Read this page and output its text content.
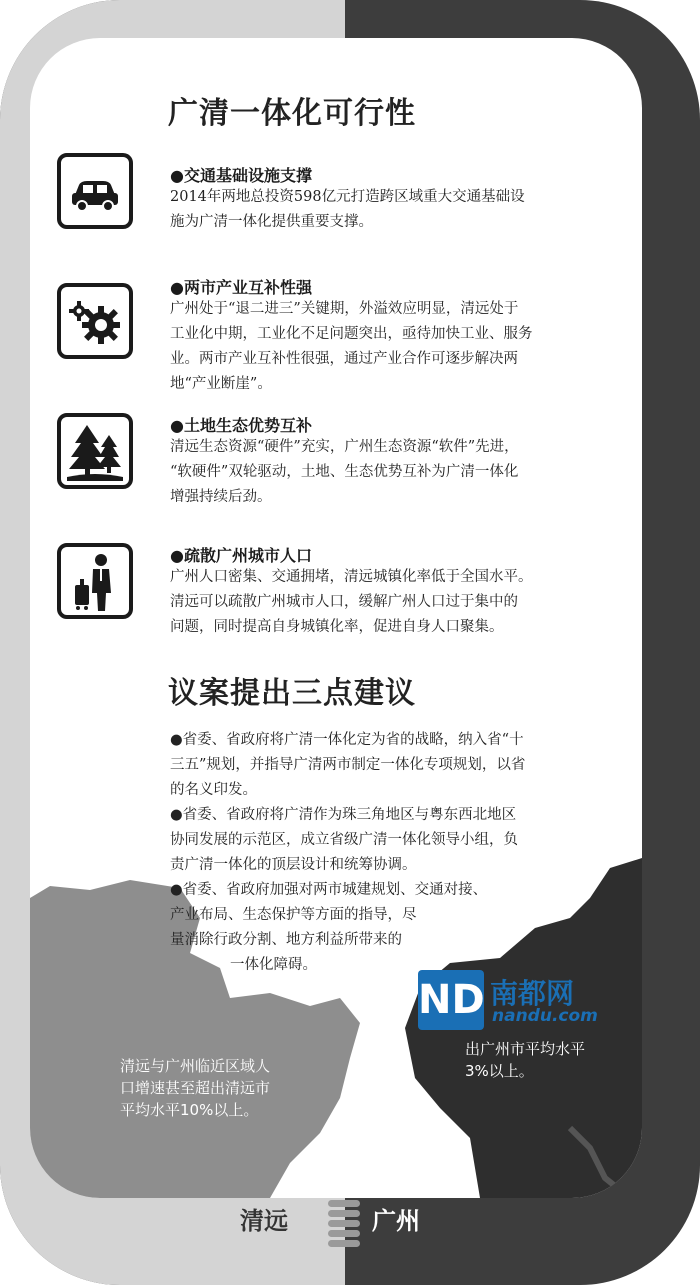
广清一体化可行性

●交通基础设施支撑

2014年两地总投资598亿元打造跨区域重大交通基础设
施为广清一体化提供重要支撑。

●两市产业互补性强

广州处于“退二进三”关键期，外溢效应明显，清远处于
工业化中期，工业化不足问题突出，亟待加快工业、服务
业。两市产业互补性很强，通过产业合作可逐步解决两
地“产业断崖”。

●土地生态优势互补

清远生态资源“硬件”充实，广州生态资源“软件”先进，
“软硬件”双轮驱动，土地、生态优势互补为广清一体化
增强持续后劲。

●疏散广州城市人口

广州人口密集、交通拥堵，清远城镇化率低于全国水平。
清远可以疏散广州城市人口，缓解广州人口过于集中的
问题，同时提高自身城镇化率，促进自身人口聚集。

议案提出三点建议

●省委、省政府将广清一体化定为省的战略，纳入省“十
三五”规划，并指导广清两市制定一体化专项规划，以省
的名义印发。
●省委、省政府将广清作为珠三角地区与粤东西北地区
协同发展的示范区，成立省级广清一体化领导小组，负
责广清一体化的顶层设计和统筹协调。
●省委、省政府加强对两市城建规划、交通对接、
产业布局、生态保护等方面的指导，尽
量消除行政分割、地方利益所带来的
一体化障碍。

清远与广州临近区域人
口增速甚至超出清远市
平均水平10%以上。

出广州市平均水平
3%以上。

ND 南都网
nandu.com
清远	广州
